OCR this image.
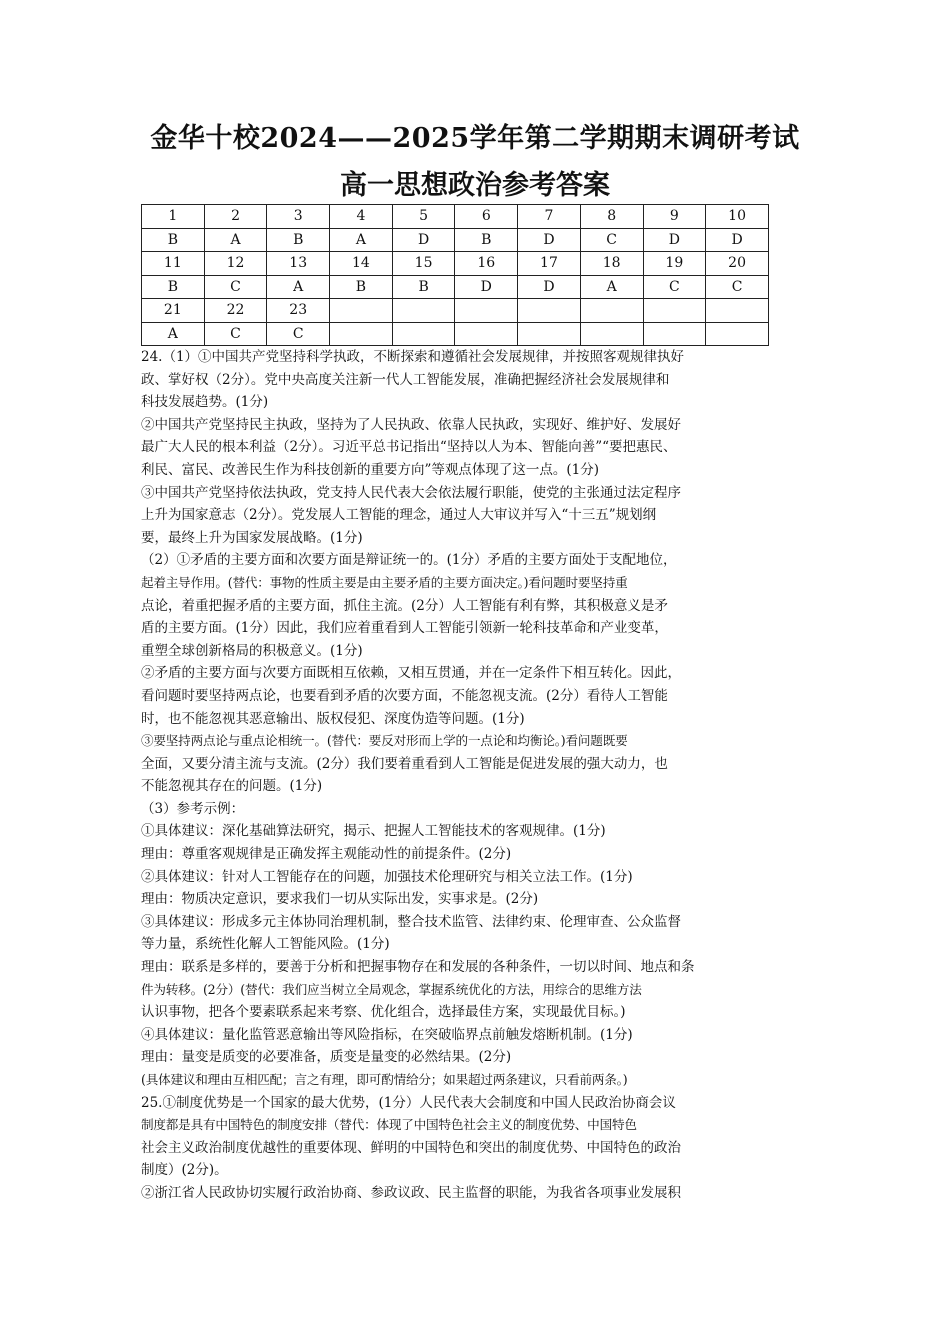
金华十校2024——2025学年第二学期期末调研考试
高一思想政治参考答案
1	2	3	4	5	6	7	8	9	10
B	A	B	A	D	B	D	C	D	D
11	12	13	14	15	16	17	18	19	20
B	C	A	B	B	D	D	A	C	C
21	22	23							
A	C	C							

24.（1）①中国共产党坚持科学执政，不断探索和遵循社会发展规律，并按照客观规律执好

政、掌好权（2分）。党中央高度关注新一代人工智能发展，准确把握经济社会发展规律和

科技发展趋势。(1分)

②中国共产党坚持民主执政，坚持为了人民执政、依靠人民执政，实现好、维护好、发展好

最广大人民的根本利益（2分）。习近平总书记指出“坚持以人为本、智能向善”“要把惠民、

利民、富民、改善民生作为科技创新的重要方向”等观点体现了这一点。(1分)

③中国共产党坚持依法执政，党支持人民代表大会依法履行职能，使党的主张通过法定程序

上升为国家意志（2分）。党发展人工智能的理念，通过人大审议并写入“十三五”规划纲

要，最终上升为国家发展战略。(1分)

（2）①矛盾的主要方面和次要方面是辩证统一的。(1分）矛盾的主要方面处于支配地位，

起着主导作用。(替代：事物的性质主要是由主要矛盾的主要方面决定。)看问题时要坚持重

点论，着重把握矛盾的主要方面，抓住主流。(2分）人工智能有利有弊，其积极意义是矛

盾的主要方面。(1分）因此，我们应着重看到人工智能引领新一轮科技革命和产业变革，

重塑全球创新格局的积极意义。(1分)

②矛盾的主要方面与次要方面既相互依赖，又相互贯通，并在一定条件下相互转化。因此，

看问题时要坚持两点论，也要看到矛盾的次要方面，不能忽视支流。(2分）看待人工智能

时，也不能忽视其恶意输出、版权侵犯、深度伪造等问题。(1分)

③要坚持两点论与重点论相统一。(替代：要反对形而上学的一点论和均衡论。)看问题既要

全面，又要分清主流与支流。(2分）我们要着重看到人工智能是促进发展的强大动力，也

不能忽视其存在的问题。(1分)

（3）参考示例：

①具体建议：深化基础算法研究，揭示、把握人工智能技术的客观规律。(1分)

理由：尊重客观规律是正确发挥主观能动性的前提条件。(2分)

②具体建议：针对人工智能存在的问题，加强技术伦理研究与相关立法工作。(1分)

理由：物质决定意识，要求我们一切从实际出发，实事求是。(2分)

③具体建议：形成多元主体协同治理机制，整合技术监管、法律约束、伦理审查、公众监督

等力量，系统性化解人工智能风险。(1分)

理由：联系是多样的，要善于分析和把握事物存在和发展的各种条件，一切以时间、地点和条

件为转移。(2分）(替代：我们应当树立全局观念，掌握系统优化的方法，用综合的思维方法

认识事物，把各个要素联系起来考察、优化组合，选择最佳方案，实现最优目标。)

④具体建议：量化监管恶意输出等风险指标，在突破临界点前触发熔断机制。(1分)

理由：量变是质变的必要准备，质变是量变的必然结果。(2分)

(具体建议和理由互相匹配；言之有理，即可酌情给分；如果超过两条建议，只看前两条。)

25.①制度优势是一个国家的最大优势，(1分）人民代表大会制度和中国人民政治协商会议

制度都是具有中国特色的制度安排（替代：体现了中国特色社会主义的制度优势、中国特色

社会主义政治制度优越性的重要体现、鲜明的中国特色和突出的制度优势、中国特色的政治

制度）(2分)。

②浙江省人民政协切实履行政治协商、参政议政、民主监督的职能，为我省各项事业发展积
